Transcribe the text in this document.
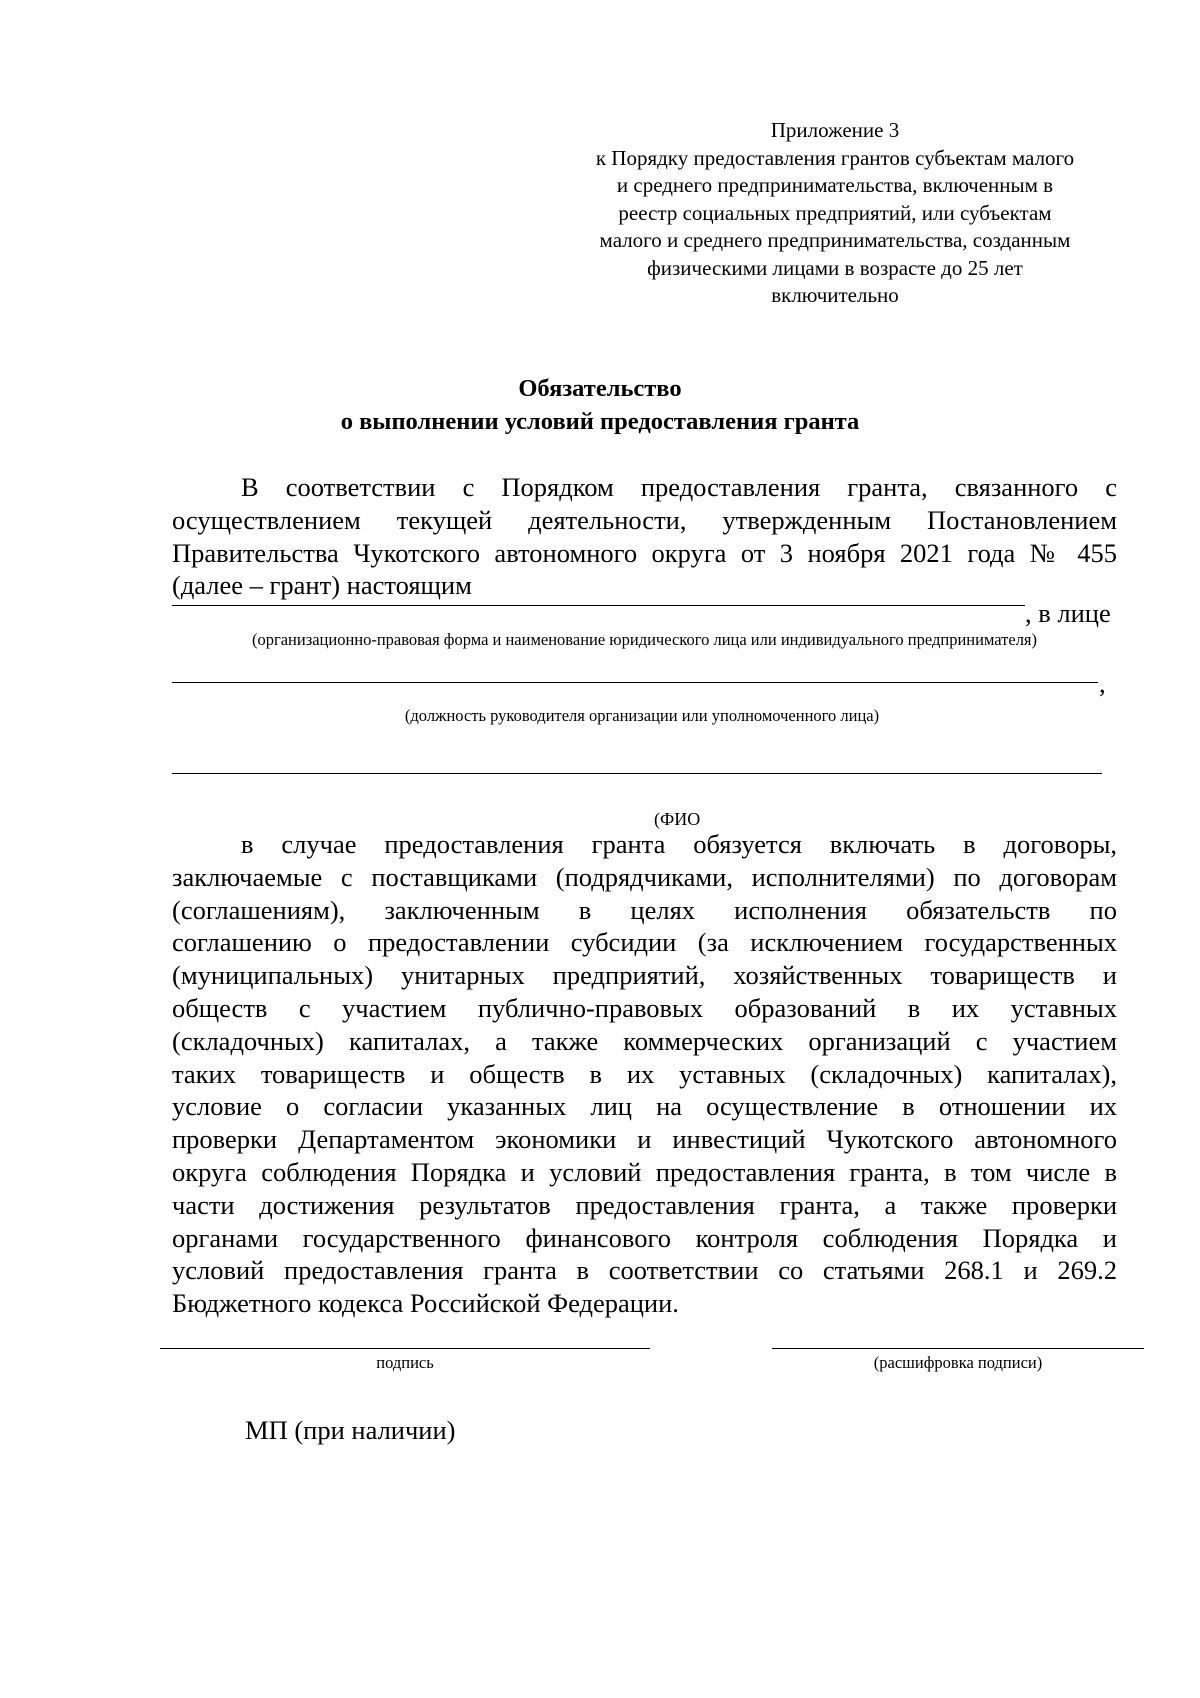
Приложение 3
к Порядку предоставления грантов субъектам малого
и среднего предпринимательства, включенным в
реестр социальных предприятий, или субъектам
малого и среднего предпринимательства, созданным
физическими лицами в возрасте до 25 лет
включительно
Обязательство
о выполнении условий предоставления гранта
В соответствии с Порядком предоставления гранта, связанного с
осуществлением текущей деятельности, утвержденным Постановлением
Правительства Чукотского автономного округа от 3 ноября 2021 года № 455
(далее – грант) настоящим
, в лице
(организационно-правовая форма и наименование юридического лица или индивидуального предпринимателя)
,
(должность руководителя организации или уполномоченного лица)
(ФИО
в случае предоставления гранта обязуется включать в договоры,
заключаемые с поставщиками (подрядчиками, исполнителями) по договорам
(соглашениям), заключенным в целях исполнения обязательств по
соглашению о предоставлении субсидии (за исключением государственных
(муниципальных) унитарных предприятий, хозяйственных товариществ и
обществ с участием публично-правовых образований в их уставных
(складочных) капиталах, а также коммерческих организаций с участием
таких товариществ и обществ в их уставных (складочных) капиталах),
условие о согласии указанных лиц на осуществление в отношении их
проверки Департаментом экономики и инвестиций Чукотского автономного
округа соблюдения Порядка и условий предоставления гранта, в том числе в
части достижения результатов предоставления гранта, а также проверки
органами государственного финансового контроля соблюдения Порядка и
условий предоставления гранта в соответствии со статьями 268.1 и 269.2
Бюджетного кодекса Российской Федерации.
подпись	(расшифровка подписи)
МП (при наличии)
